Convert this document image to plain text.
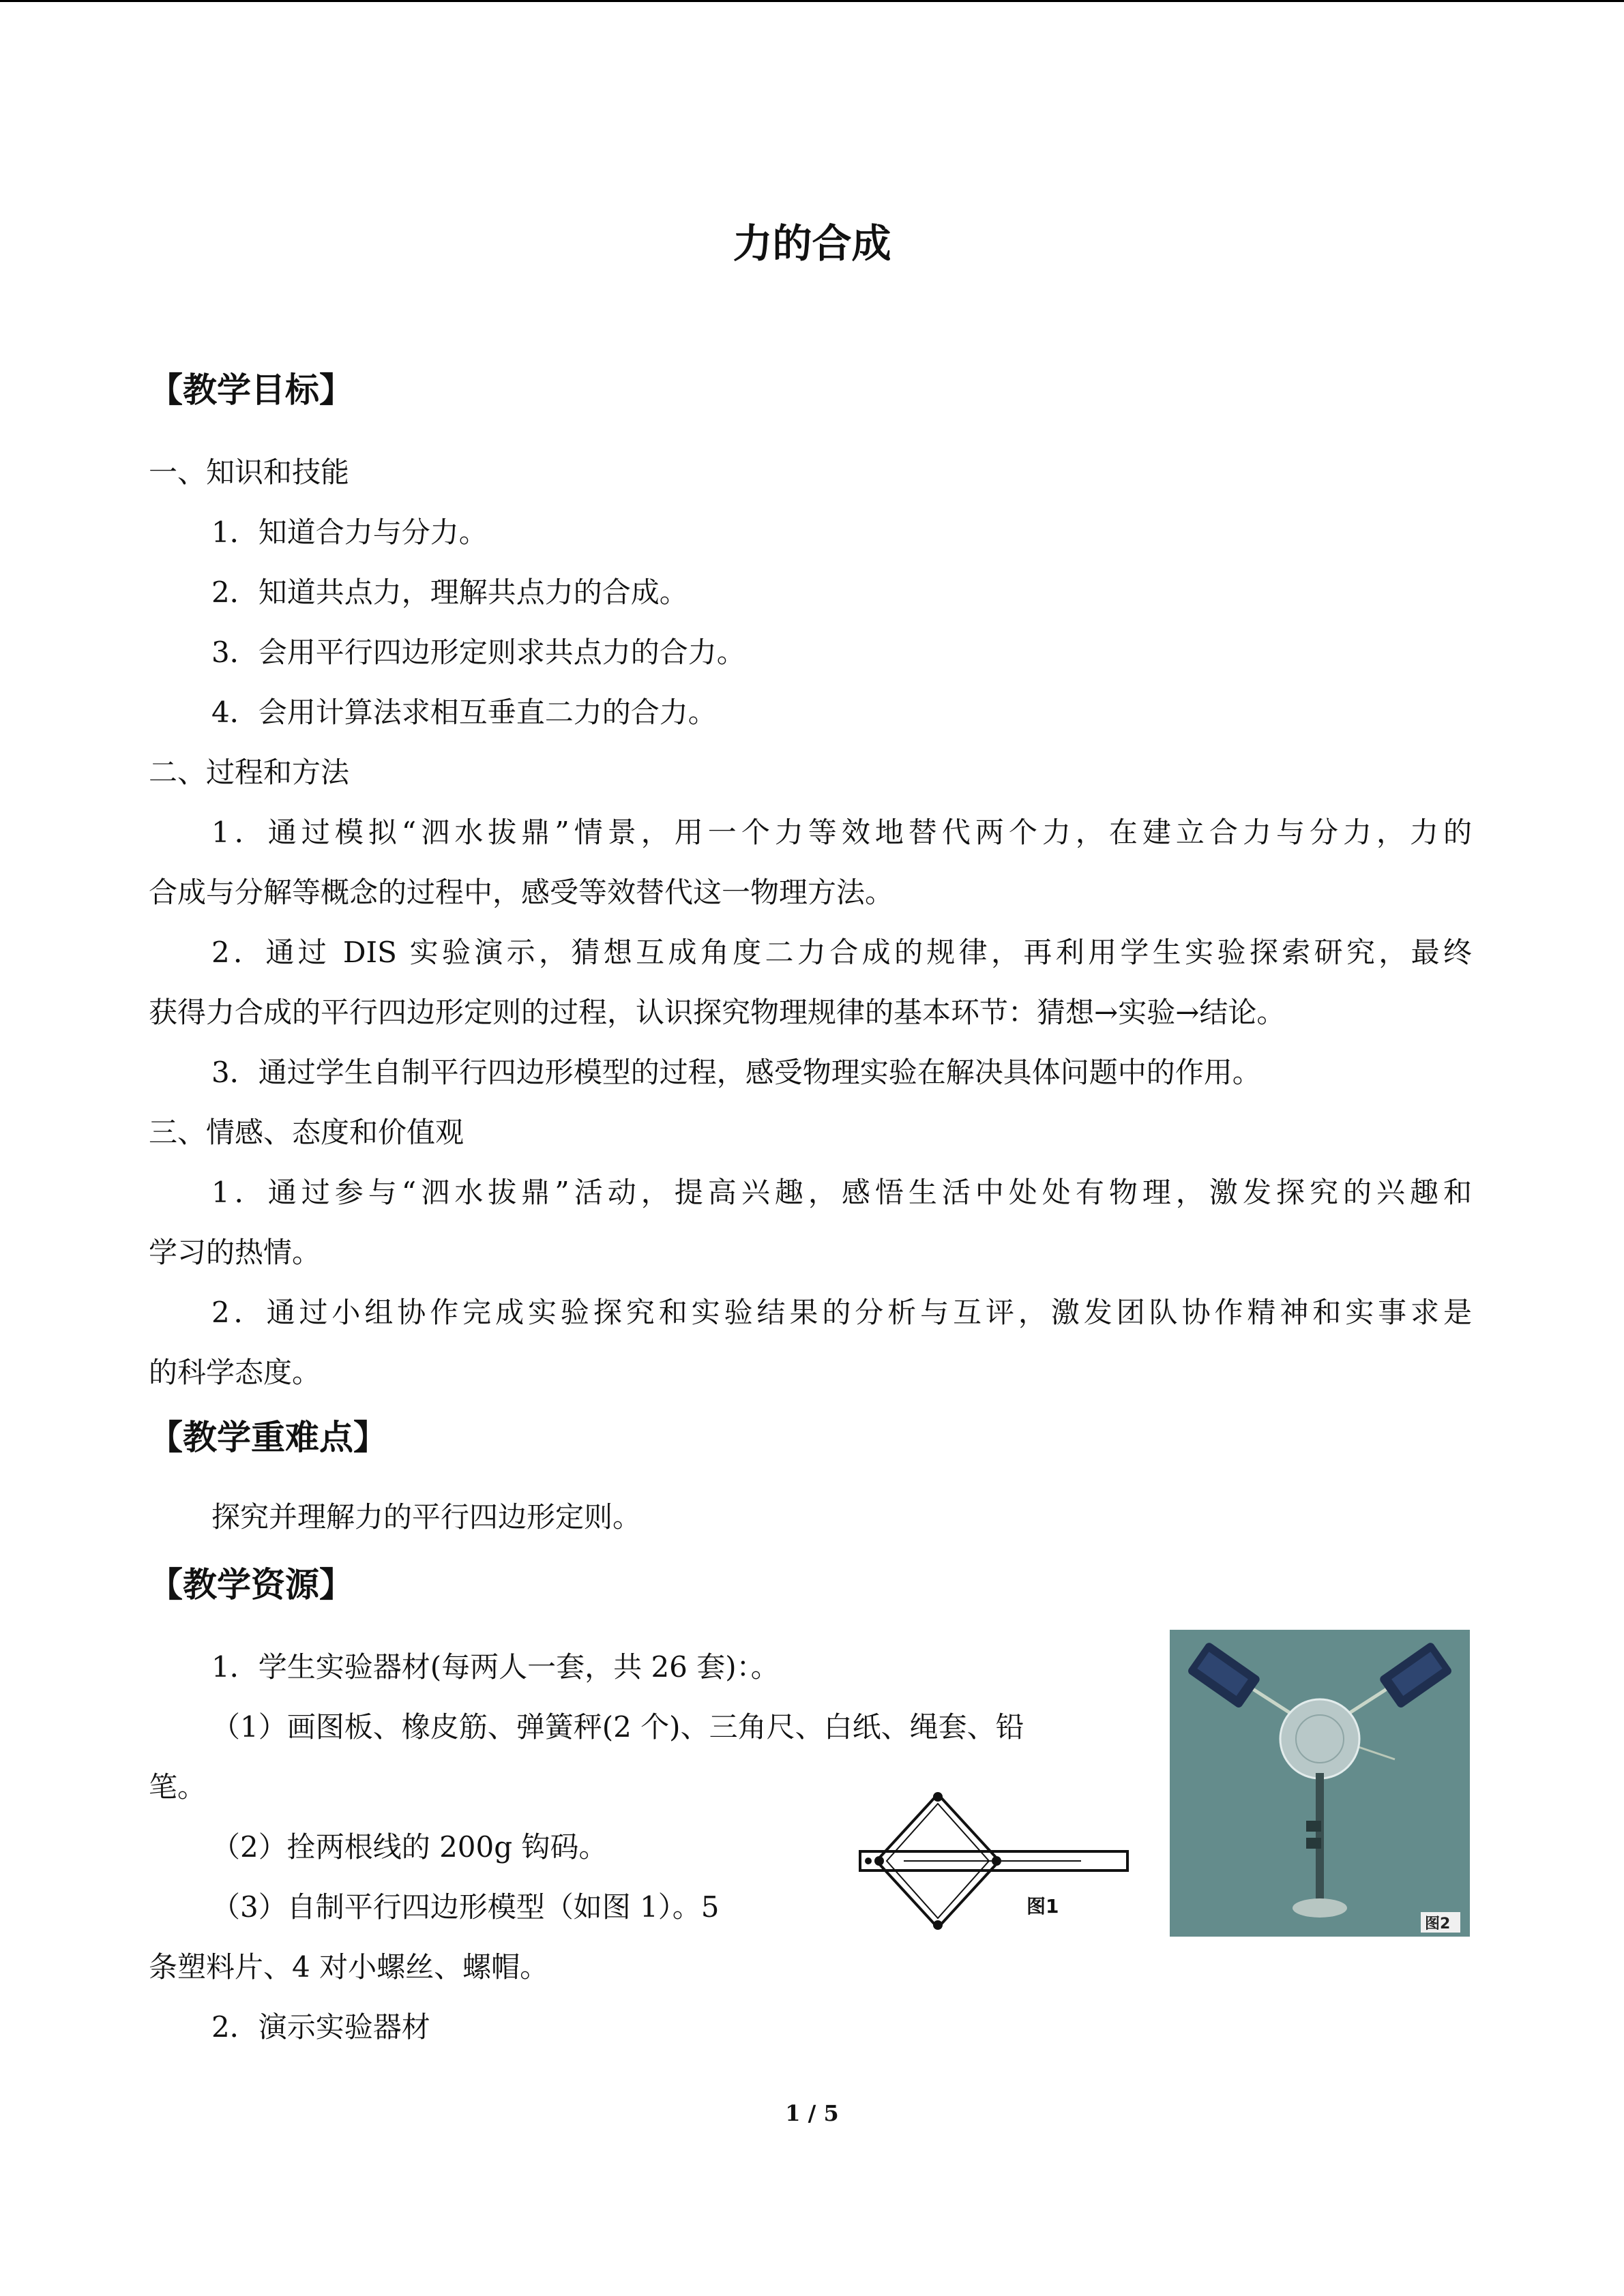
力的合成
【教学目标】
一、知识和技能
1．知道合力与分力。
2．知道共点力，理解共点力的合成。
3．会用平行四边形定则求共点力的合力。
4．会用计算法求相互垂直二力的合力。
二、过程和方法
1．通过模拟“泗水拔鼎”情景，用一个力等效地替代两个力，在建立合力与分力，力的
合成与分解等概念的过程中，感受等效替代这一物理方法。
2．通过 DIS 实验演示，猜想互成角度二力合成的规律，再利用学生实验探索研究，最终
获得力合成的平行四边形定则的过程，认识探究物理规律的基本环节：猜想→实验→结论。
3．通过学生自制平行四边形模型的过程，感受物理实验在解决具体问题中的作用。
三、情感、态度和价值观
1．通过参与“泗水拔鼎”活动，提高兴趣，感悟生活中处处有物理，激发探究的兴趣和
学习的热情。
2．通过小组协作完成实验探究和实验结果的分析与互评，激发团队协作精神和实事求是
的科学态度。
【教学重难点】
探究并理解力的平行四边形定则。
【教学资源】
1．学生实验器材(每两人一套，共 26 套)：。
（1）画图板、橡皮筋、弹簧秤(2 个)、三角尺、白纸、绳套、铅
笔。
（2）拴两根线的 200g 钩码。
（3）自制平行四边形模型（如图 1）。5
条塑料片、4 对小螺丝、螺帽。
2．演示实验器材
图1
图2
1 / 5
